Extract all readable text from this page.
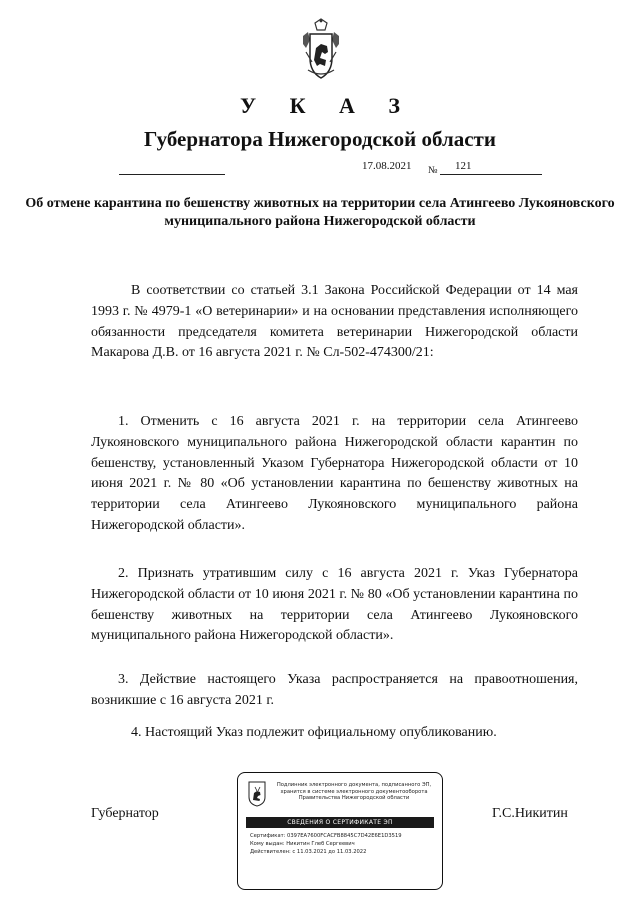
У К А З
Губернатора Нижегородской области
17.08.2021 № 121
Об отмене карантина по бешенству животных на территории села Атингеево Лукояновского муниципального района Нижегородской области
В соответствии со статьей 3.1 Закона Российской Федерации от 14 мая 1993 г. № 4979-1 «О ветеринарии» и на основании представления исполняющего обязанности председателя комитета ветеринарии Нижегородской области Макарова Д.В. от 16 августа 2021 г. № Сл-502-474300/21:
1. Отменить с 16 августа 2021 г. на территории села Атингеево Лукояновского муниципального района Нижегородской области карантин по бешенству, установленный Указом Губернатора Нижегородской области от 10 июня 2021 г. № 80 «Об установлении карантина по бешенству животных на территории села Атингеево Лукояновского муниципального района Нижегородской области».
2. Признать утратившим силу с 16 августа 2021 г. Указ Губернатора Нижегородской области от 10 июня 2021 г. № 80 «Об установлении карантина по бешенству животных на территории села Атингеево Лукояновского муниципального района Нижегородской области».
3. Действие настоящего Указа распространяется на правоотношения, возникшие с 16 августа 2021 г.
4. Настоящий Указ подлежит официальному опубликованию.
Губернатор	Г.С.Никитин
Подлинник электронного документа, подписанного ЭП, хранится в системе электронного документооборота Правительства Нижегородской области
СВЕДЕНИЯ О СЕРТИФИКАТЕ ЭП
Сертификат: 0397EA7600FCACFB8845C7D42E6E1D3519
Кому выдан: Никитин Глеб Сергеевич
Действителен: с 11.03.2021 до 11.03.2022
